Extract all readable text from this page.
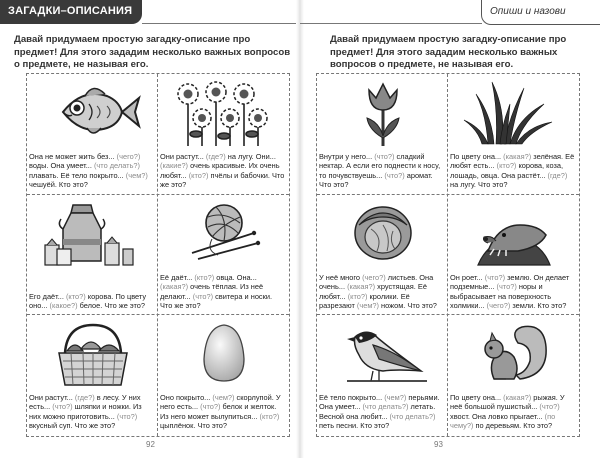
ЗАГАДКИ–ОПИСАНИЯ
Давай придумаем простую загадку-описание про предмет! Для этого зададим несколько важных вопросов о предмете, не называя его.
Она не может жить без... (чего?) воды. Она умеет... (что делать?) плавать. Её тело покрыто... (чем?) чешуёй. Кто это?
Они растут... (где?) на лугу. Они... (какие?) очень красивые. Их очень любят... (кто?) пчёлы и бабочки. Что же это?
Его даёт... (кто?) корова. По цвету оно... (какое?) белое. Что же это?
Её даёт... (кто?) овца. Она... (какая?) очень тёплая. Из неё делают... (что?) свитера и носки. Что же это?
Они растут... (где?) в лесу. У них есть... (что?) шляпки и ножки. Из них можно приготовить... (что?) вкусный суп. Что же это?
Оно покрыто... (чем?) скорлупой. У него есть... (что?) белок и желток. Из него может вылупиться... (кто?) цыплёнок. Что это?
92
Опиши и назови
Давай придумаем простую загадку-описание про предмет! Для этого зададим несколько важных вопросов о предмете, не называя его.
Внутри у него... (что?) сладкий нектар. А если его поднести к носу, то почувствуешь... (что?) аромат. Что это?
По цвету она... (какая?) зелёная. Её любят есть... (кто?) корова, коза, лошадь, овца. Она растёт... (где?) на лугу. Что это?
У неё много (чего?) листьев. Она очень... (какая?) хрустящая. Её любят... (кто?) кролики. Её разрезают (чем?) ножом. Что это?
Он роет... (что?) землю. Он делает подземные... (что?) норы и выбрасывает на поверхность холмики... (чего?) земли. Кто это?
Её тело покрыто... (чем?) перьями. Она умеет... (что делать?) летать. Весной она любит... (что делать?) петь песни. Кто это?
По цвету она... (какая?) рыжая. У неё большой пушистый... (что?) хвост. Она ловко прыгает... (по чему?) по деревьям. Кто это?
93
